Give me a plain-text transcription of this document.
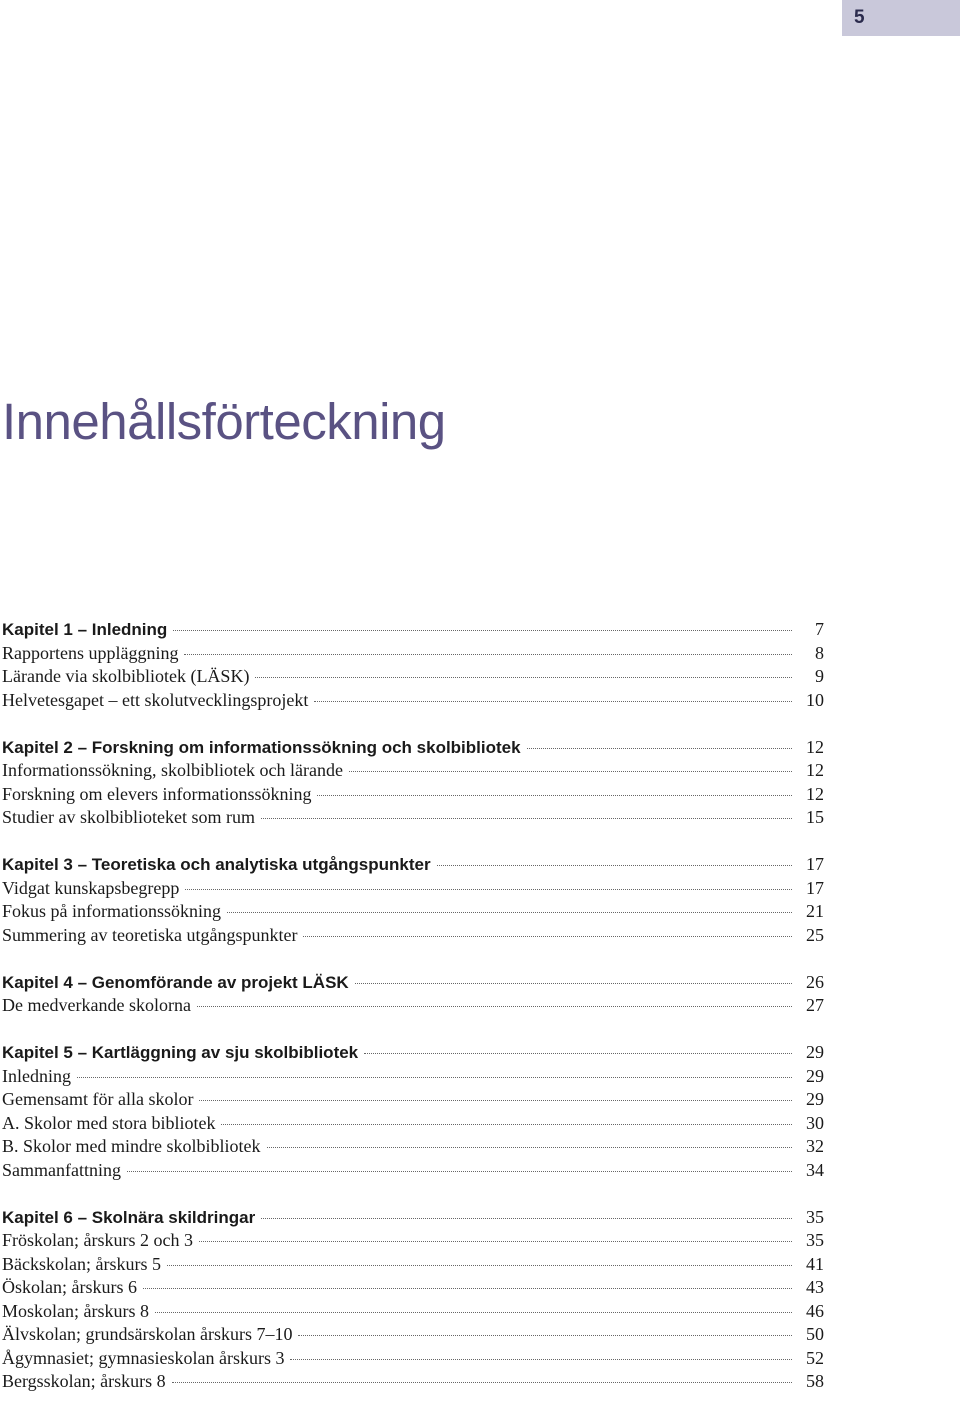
5
Innehållsförteckning
Kapitel 1 – Inledning	7
Rapportens uppläggning	8
Lärande via skolbibliotek (LÄSK)	9
Helvetesgapet – ett skolutvecklingsprojekt	10
Kapitel 2 – Forskning om informationssökning och skolbibliotek	12
Informationssökning, skolbibliotek och lärande	12
Forskning om elevers informationssökning	12
Studier av skolbiblioteket som rum	15
Kapitel 3 – Teoretiska och analytiska utgångspunkter	17
Vidgat kunskapsbegrepp	17
Fokus på informationssökning	21
Summering av teoretiska utgångspunkter	25
Kapitel 4 – Genomförande av projekt LÄSK	26
De medverkande skolorna	27
Kapitel 5 – Kartläggning av sju skolbibliotek	29
Inledning	29
Gemensamt för alla skolor	29
A. Skolor med stora bibliotek	30
B. Skolor med mindre skolbibliotek	32
Sammanfattning	34
Kapitel 6 – Skolnära skildringar	35
Fröskolan; årskurs 2 och 3	35
Bäckskolan; årskurs 5	41
Öskolan; årskurs 6	43
Moskolan; årskurs 8	46
Älvskolan; grundsärskolan årskurs 7–10	50
Ågymnasiet; gymnasieskolan årskurs 3	52
Bergsskolan; årskurs 8	58
